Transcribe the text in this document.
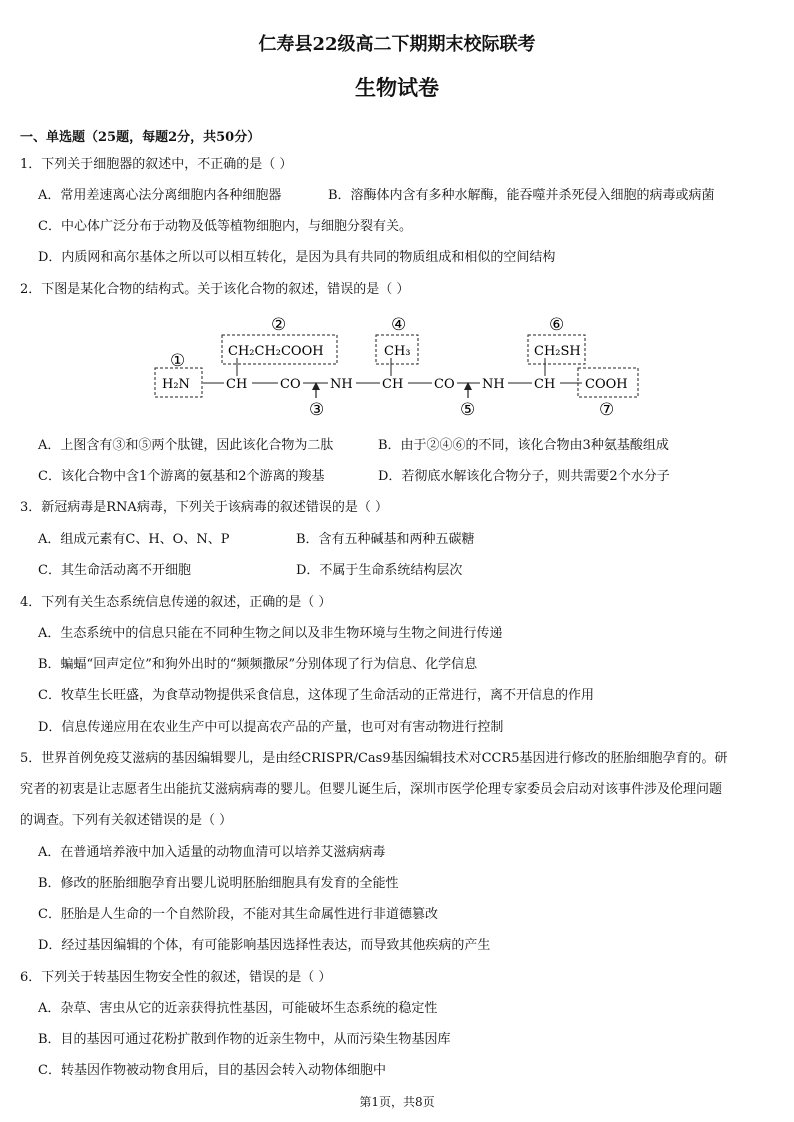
仁寿县22级高二下期期末校际联考
生物试卷
一、单选题（25题，每题2分，共50分）
1．下列关于细胞器的叙述中，不正确的是（ ）
A．常用差速离心法分离细胞内各种细胞器	B．溶酶体内含有多种水解酶，能吞噬并杀死侵入细胞的病毒或病菌
C．中心体广泛分布于动物及低等植物细胞内，与细胞分裂有关。
D．内质网和高尔基体之所以可以相互转化，是因为具有共同的物质组成和相似的空间结构
2．下图是某化合物的结构式。关于该化合物的叙述，错误的是（ ）
①
②	④	⑥
③	⑤	⑦
CH₂CH₂COOH	CH₃	CH₂SH
H₂N	CH	CO NH CH CO NH CH COOH
A．上图含有③和⑤两个肽键，因此该化合物为二肽	B．由于②④⑥的不同，该化合物由3种氨基酸组成
C．该化合物中含1个游离的氨基和2个游离的羧基	D．若彻底水解该化合物分子，则共需要2个水分子
3．新冠病毒是RNA病毒，下列关于该病毒的叙述错误的是（ ）
A．组成元素有C、H、O、N、P	B．含有五种碱基和两种五碳糖
C．其生命活动离不开细胞	D．不属于生命系统结构层次
4．下列有关生态系统信息传递的叙述，正确的是（ ）
A．生态系统中的信息只能在不同种生物之间以及非生物环境与生物之间进行传递
B．蝙蝠“回声定位”和狗外出时的“频频撒尿”分别体现了行为信息、化学信息
C．牧草生长旺盛，为食草动物提供采食信息，这体现了生命活动的正常进行，离不开信息的作用
D．信息传递应用在农业生产中可以提高农产品的产量，也可对有害动物进行控制
5．世界首例免疫艾滋病的基因编辑婴儿，是由经CRISPR/Cas9基因编辑技术对CCR5基因进行修改的胚胎细胞孕育的。研
究者的初衷是让志愿者生出能抗艾滋病病毒的婴儿。但婴儿诞生后，深圳市医学伦理专家委员会启动对该事件涉及伦理问题
的调查。下列有关叙述错误的是（ ）
A．在普通培养液中加入适量的动物血清可以培养艾滋病病毒
B．修改的胚胎细胞孕育出婴儿说明胚胎细胞具有发育的全能性
C．胚胎是人生命的一个自然阶段，不能对其生命属性进行非道德篡改
D．经过基因编辑的个体，有可能影响基因选择性表达，而导致其他疾病的产生
6．下列关于转基因生物安全性的叙述，错误的是（ ）
A．杂草、害虫从它的近亲获得抗性基因，可能破坏生态系统的稳定性
B．目的基因可通过花粉扩散到作物的近亲生物中，从而污染生物基因库
C．转基因作物被动物食用后，目的基因会转入动物体细胞中
第1页，共8页
